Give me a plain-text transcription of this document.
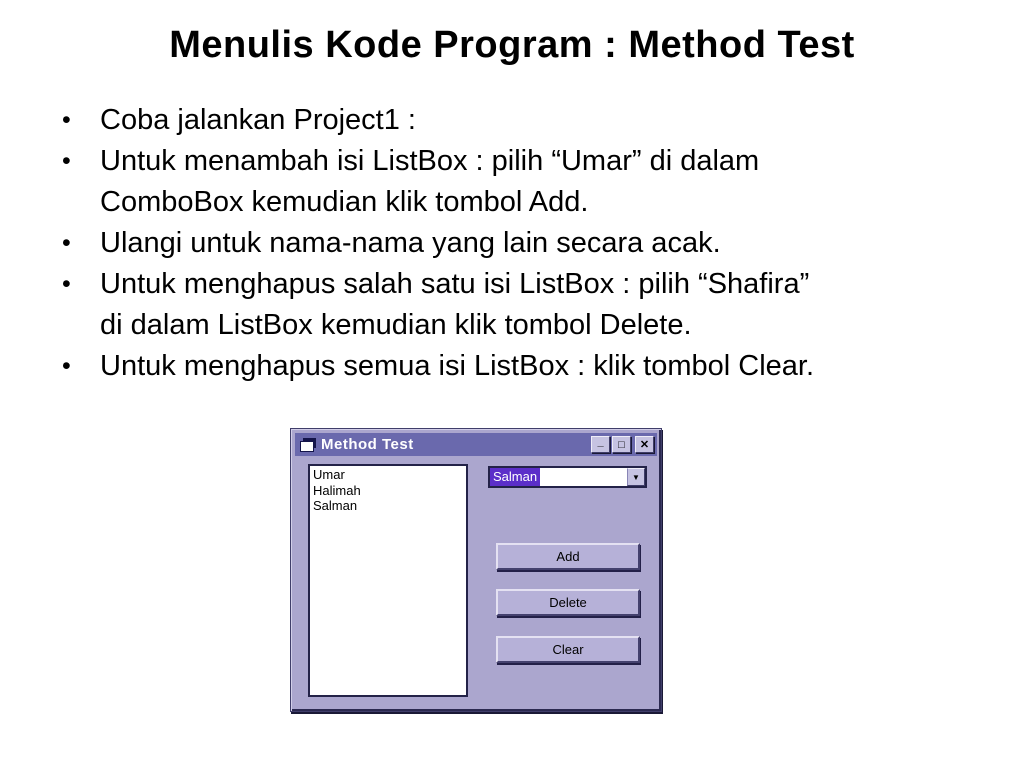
Menulis Kode Program : Method Test
•	Coba jalankan Project1 :
•	Untuk menambah isi ListBox : pilih “Umar” di dalam
ComboBox kemudian klik tombol Add.
•	Ulangi untuk nama-nama yang lain secara acak.
•	Untuk menghapus salah satu isi ListBox : pilih “Shafira”
di dalam ListBox kemudian klik tombol Delete.
•	Untuk menghapus semua isi ListBox : klik tombol Clear.
Method Test	_ □ ✕
Umar
Halimah
Salman
Salman	▼
Add
Delete
Clear
